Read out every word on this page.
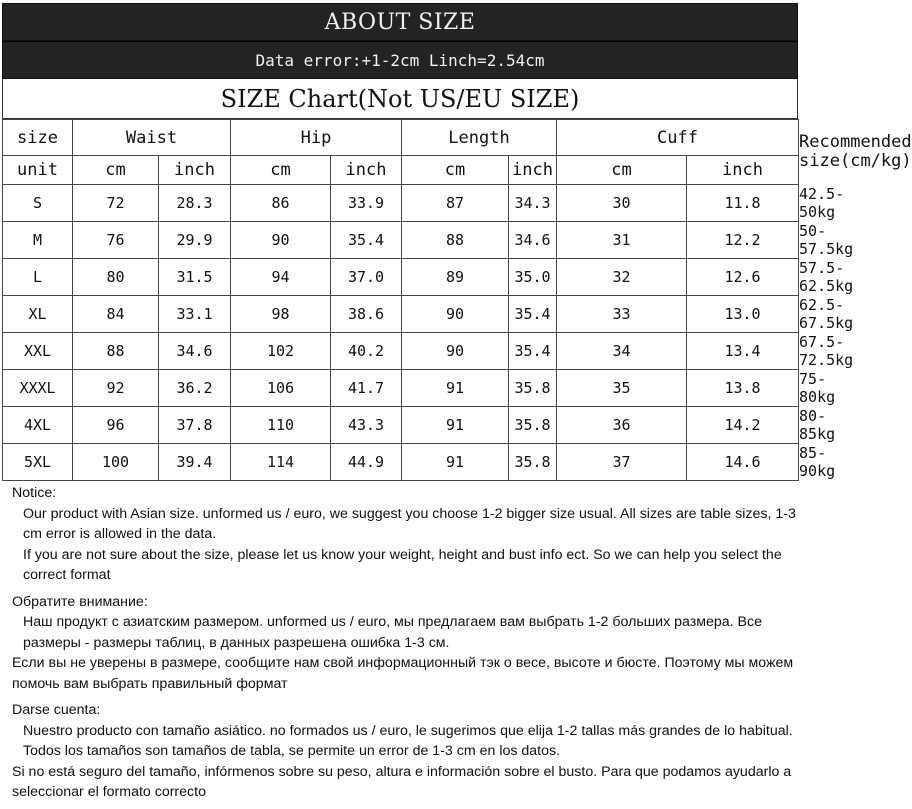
ABOUT SIZE
Data error:+1-2cm Linch=2.54cm
SIZE Chart(Not US/EU SIZE)
size	Waist		Hip		Length		Cuff		Recommended
size(cm/kg)
unit	cm	inch	cm	inch	cm	inch	cm	inch	
S	72	28.3	86	33.9	87	34.3	30	11.8	42.5-50kg
M	76	29.9	90	35.4	88	34.6	31	12.2	50-57.5kg
L	80	31.5	94	37.0	89	35.0	32	12.6	57.5-62.5kg
XL	84	33.1	98	38.6	90	35.4	33	13.0	62.5-67.5kg
XXL	88	34.6	102	40.2	90	35.4	34	13.4	67.5-72.5kg
XXXL	92	36.2	106	41.7	91	35.8	35	13.8	75-80kg
4XL	96	37.8	110	43.3	91	35.8	36	14.2	80-85kg
5XL	100	39.4	114	44.9	91	35.8	37	14.6	85-90kg

Notice:

Our product with Asian size. unformed us / euro, we suggest you choose 1-2 bigger size usual. All sizes are table sizes, 1-3 cm error is allowed in the data.

If you are not sure about the size, please let us know your weight, height and bust info ect. So we can help you select the correct format

Обратите внимание:

Наш продукт с азиатским размером. unformed us / euro, мы предлагаем вам выбрать 1-2 больших размера. Все размеры - размеры таблиц, в данных разрешена ошибка 1-3 см.

Если вы не уверены в размере, сообщите нам свой информационный тэк о весе, высоте и бюсте. Поэтому мы можем помочь вам выбрать правильный формат

Darse cuenta:

Nuestro producto con tamaño asiático. no formados us / euro, le sugerimos que elija 1-2 tallas más grandes de lo habitual. Todos los tamaños son tamaños de tabla, se permite un error de 1-3 cm en los datos.

Si no está seguro del tamaño, infórmenos sobre su peso, altura e información sobre el busto. Para que podamos ayudarlo a seleccionar el formato correcto
